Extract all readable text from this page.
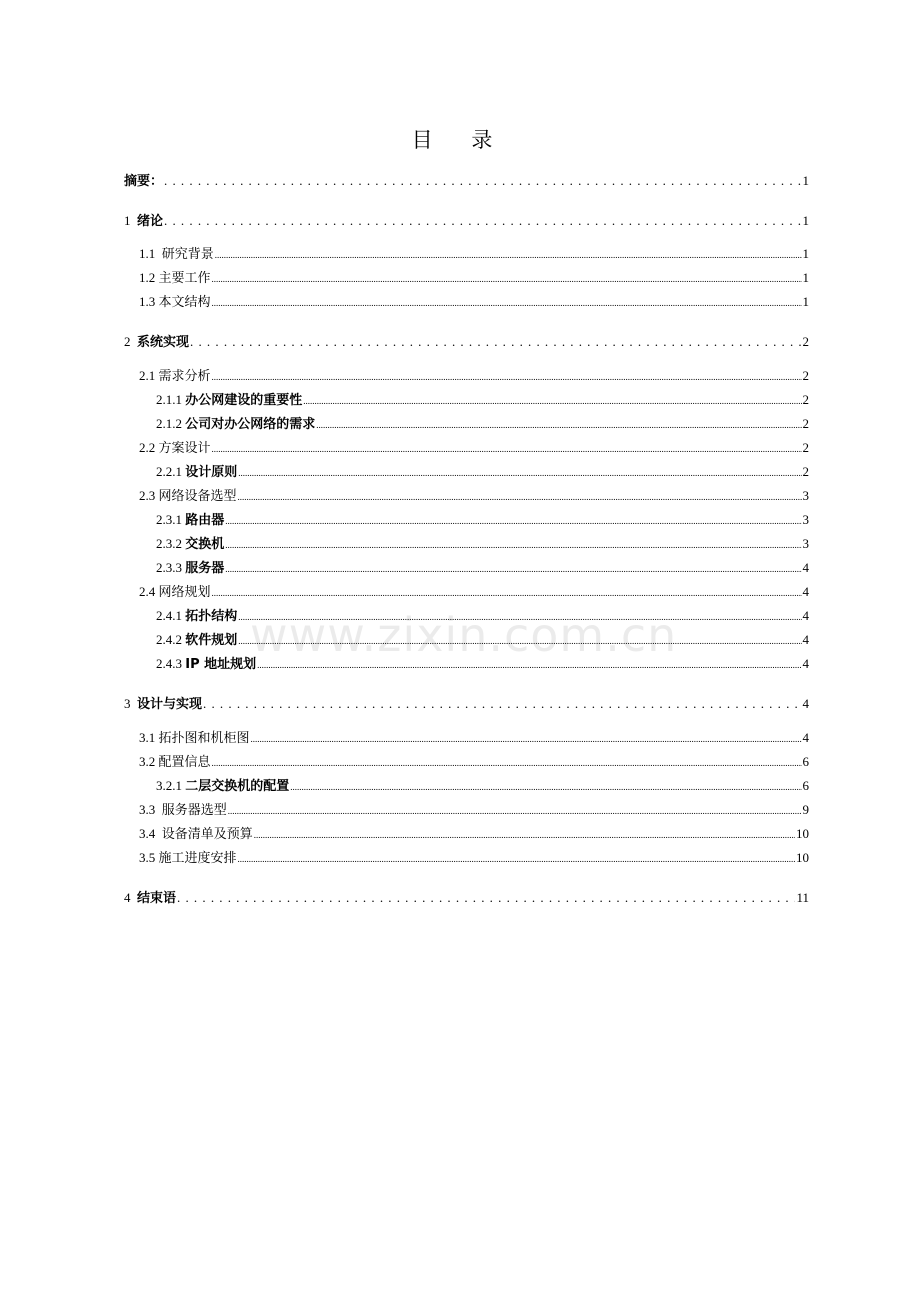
目 录
摘要： .....	1
1 绪论 .....	1
1.1 研究背景 .....	1
1.2 主要工作 .....	1
1.3 本文结构 .....	1
2 系统实现 .....	2
2.1 需求分析 .....	2
2.1.1 办公网建设的重要性 .....	2
2.1.2 公司对办公网络的需求 .....	2
2.2 方案设计 .....	2
2.2.1 设计原则 .....	2
2.3 网络设备选型 .....	3
2.3.1 路由器 .....	3
2.3.2 交换机 .....	3
2.3.3 服务器 .....	4
2.4 网络规划 .....	4
2.4.1 拓扑结构 .....	4
2.4.2 软件规划 .....	4
2.4.3 IP 地址规划 .....	4
3 设计与实现 .....	4
3.1 拓扑图和机柜图 .....	4
3.2 配置信息 .....	6
3.2.1 二层交换机的配置 .....	6
3.3 服务器选型 .....	9
3.4 设备清单及预算 .....	10
3.5 施工进度安排 .....	10
4 结束语 .....	11
www.zixin.com.cn
